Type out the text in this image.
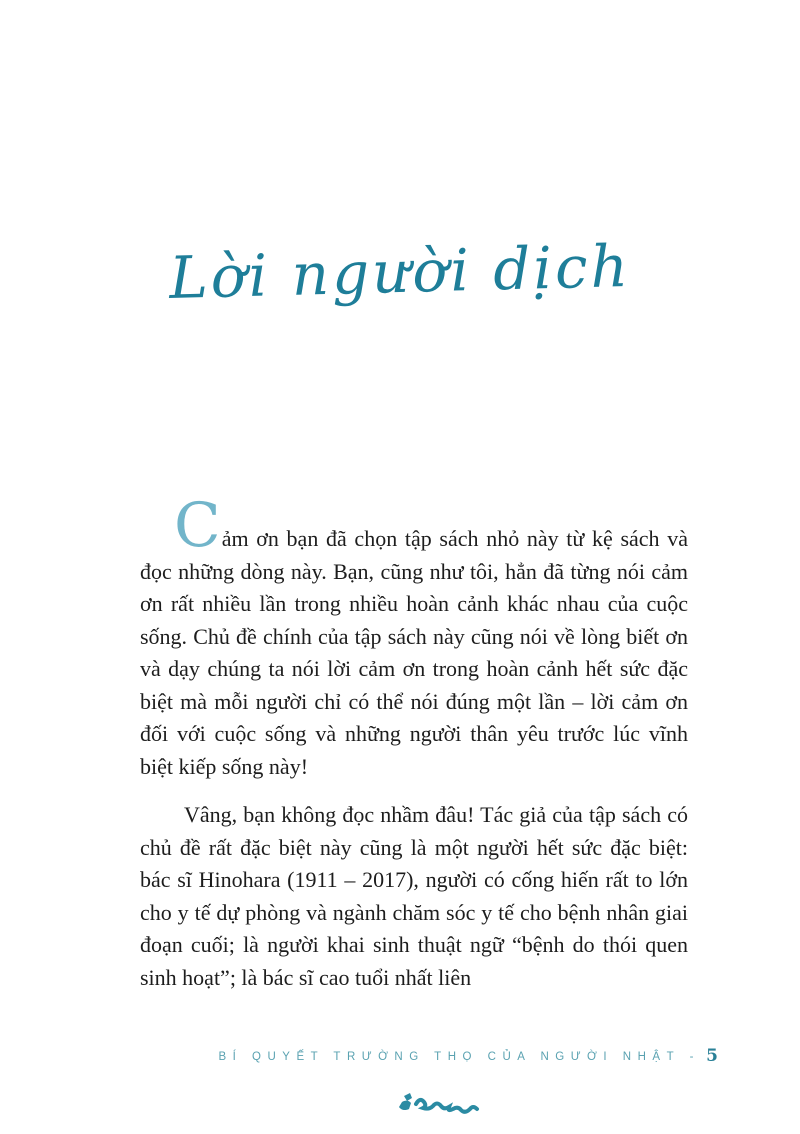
Lời người dịch

Cảm ơn bạn đã chọn tập sách nhỏ này từ kệ sách và đọc những dòng này. Bạn, cũng như tôi, hẳn đã từng nói cảm ơn rất nhiều lần trong nhiều hoàn cảnh khác nhau của cuộc sống. Chủ đề chính của tập sách này cũng nói về lòng biết ơn và dạy chúng ta nói lời cảm ơn trong hoàn cảnh hết sức đặc biệt mà mỗi người chỉ có thể nói đúng một lần – lời cảm ơn đối với cuộc sống và những người thân yêu trước lúc vĩnh biệt kiếp sống này!

Vâng, bạn không đọc nhầm đâu! Tác giả của tập sách có chủ đề rất đặc biệt này cũng là một người hết sức đặc biệt: bác sĩ Hinohara (1911 – 2017), người có cống hiến rất to lớn cho y tế dự phòng và ngành chăm sóc y tế cho bệnh nhân giai đoạn cuối; là người khai sinh thuật ngữ “bệnh do thói quen sinh hoạt”; là bác sĩ cao tuổi nhất liên

BÍ QUYẾT TRƯỜNG THỌ CỦA NGƯỜI NHẬT - 5
